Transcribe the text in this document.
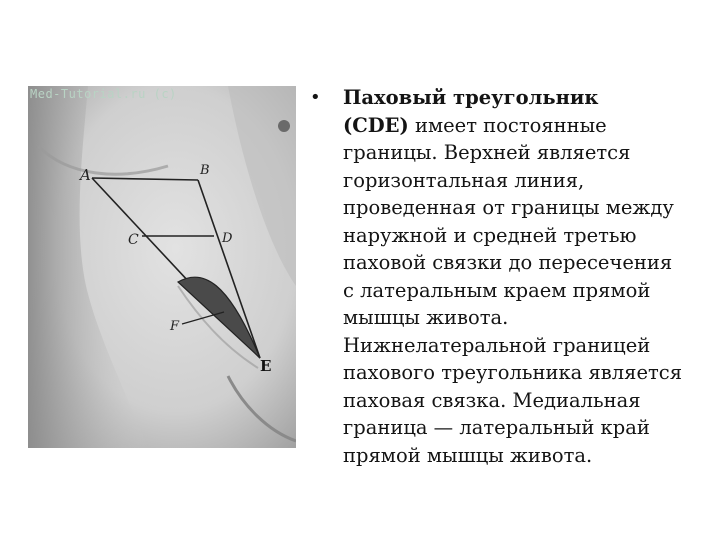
A	B
C	D
F
E
Med-Tutorial.ru (c)	• Паховый треугольник
(CDE) имеет постоянные
границы. Верхней является
горизонтальная линия,
проведенная от границы между
наружной и средней третью
паховой связки до пересечения
с латеральным краем прямой
мышцы живота.
Нижнелатеральной границей
пахового треугольника является
паховая связка. Медиальная
граница — латеральный край
прямой мышцы живота.
